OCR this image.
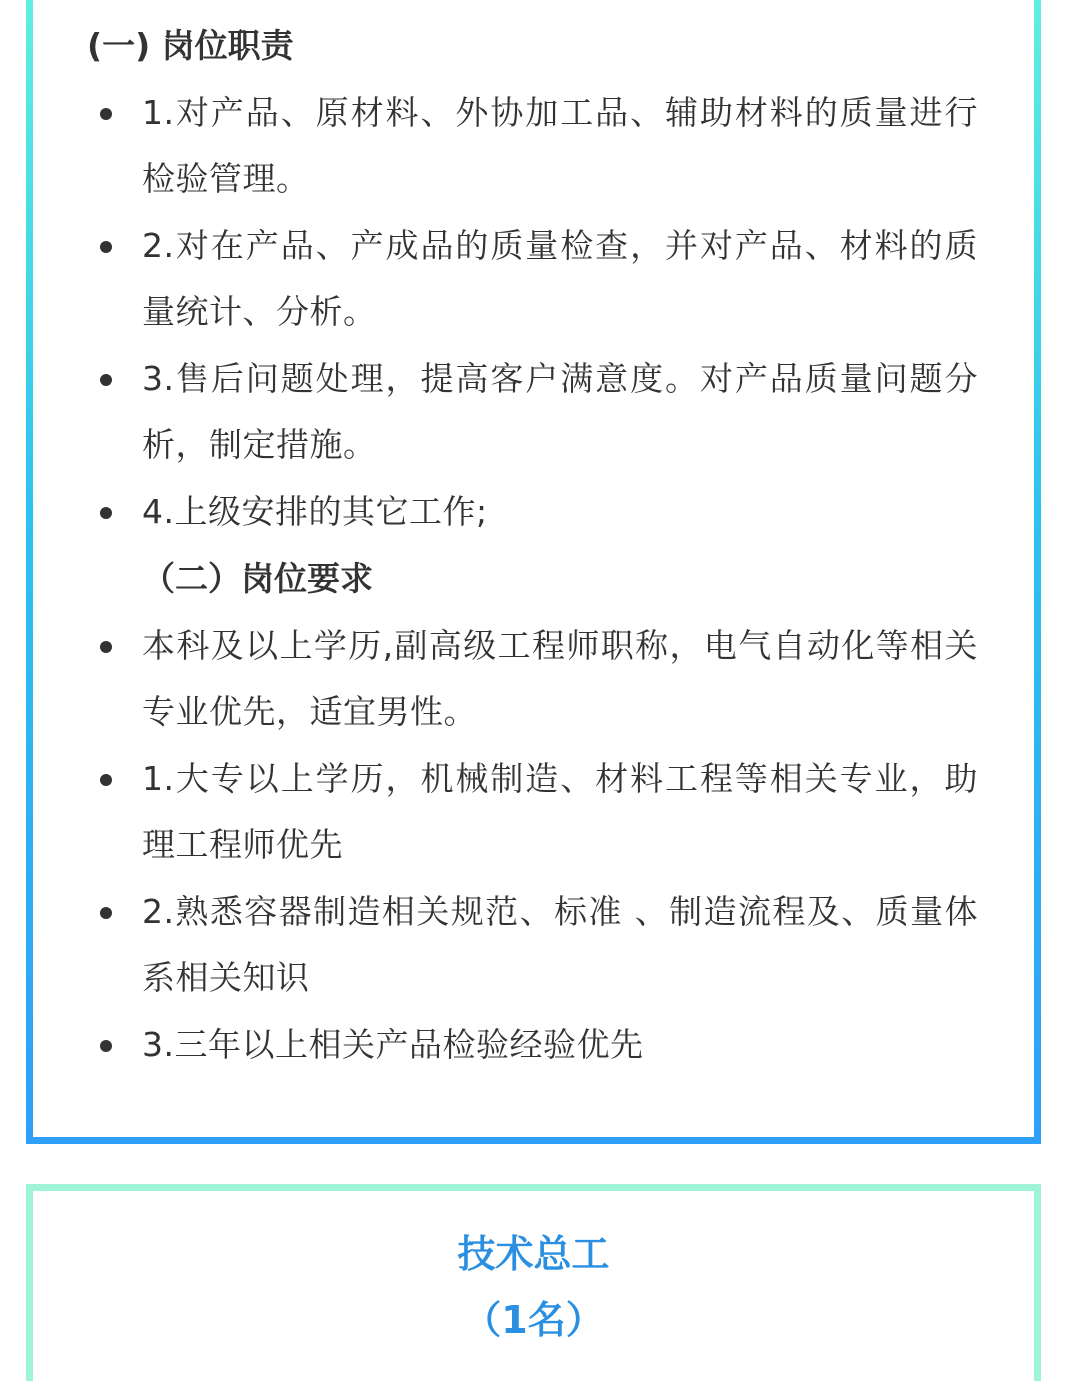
(一) 岗位职责
1.对产品、原材料、外协加工品、辅助材料的质量进行检验管理。
2.对在产品、产成品的质量检查，并对产品、材料的质量统计、分析。
3.售后问题处理，提高客户满意度。对产品质量问题分析，制定措施。
4.上级安排的其它工作;
（二）岗位要求
本科及以上学历,副高级工程师职称，电气自动化等相关专业优先，适宜男性。
1.大专以上学历，机械制造、材料工程等相关专业，助理工程师优先
2.熟悉容器制造相关规范、标准 、制造流程及、质量体系相关知识
3.三年以上相关产品检验经验优先
技术总工
（1名）
